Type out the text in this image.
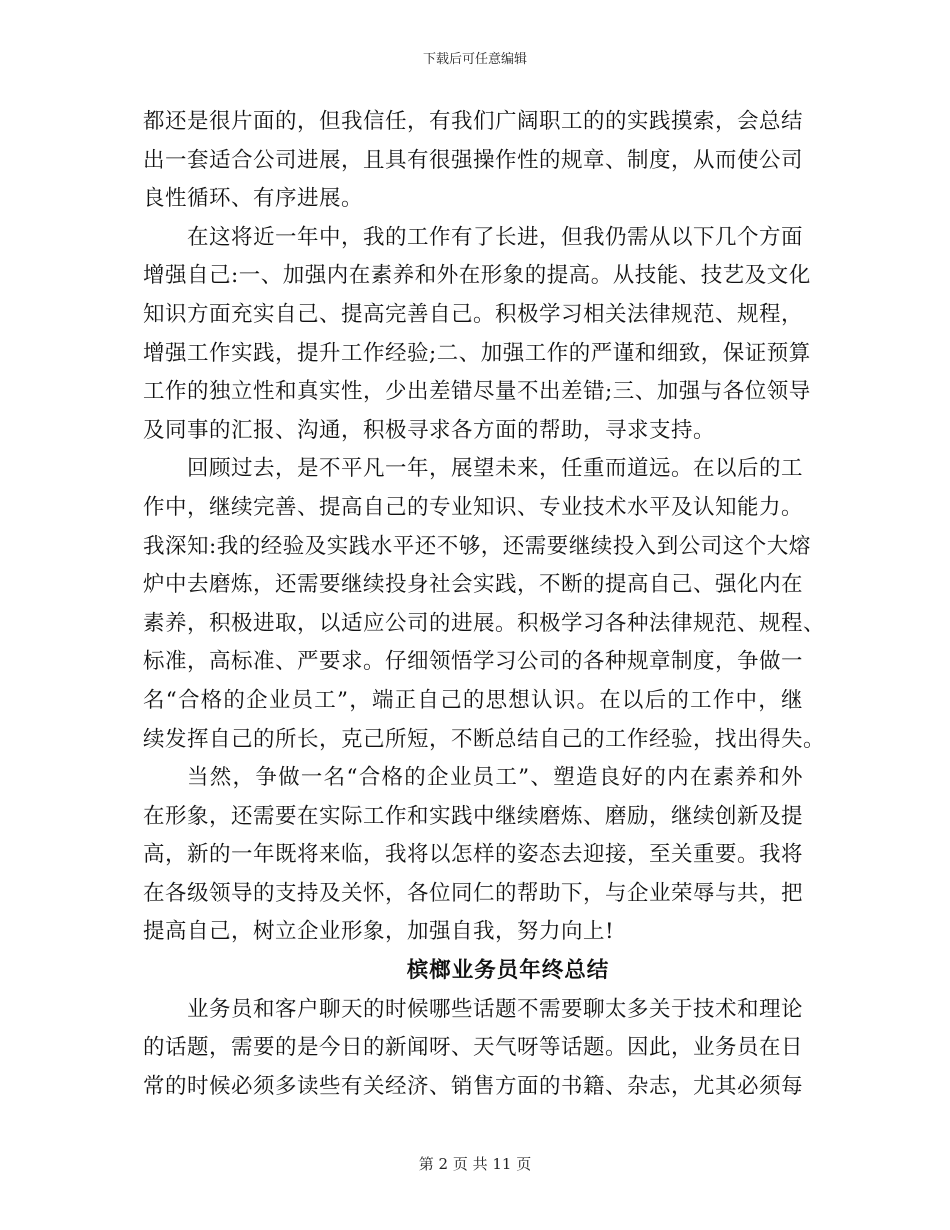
下载后可任意编辑
都还是很片面的，但我信任，有我们广阔职工的的实践摸索，会总结
出一套适合公司进展，且具有很强操作性的规章、制度，从而使公司
良性循环、有序进展。
在这将近一年中，我的工作有了长进，但我仍需从以下几个方面
增强自己:一、加强内在素养和外在形象的提高。从技能、技艺及文化
知识方面充实自己、提高完善自己。积极学习相关法律规范、规程，
增强工作实践，提升工作经验;二、加强工作的严谨和细致，保证预算
工作的独立性和真实性，少出差错尽量不出差错;三、加强与各位领导
及同事的汇报、沟通，积极寻求各方面的帮助，寻求支持。
回顾过去，是不平凡一年，展望未来，任重而道远。在以后的工
作中，继续完善、提高自己的专业知识、专业技术水平及认知能力。
我深知:我的经验及实践水平还不够，还需要继续投入到公司这个大熔
炉中去磨炼，还需要继续投身社会实践，不断的提高自己、强化内在
素养，积极进取，以适应公司的进展。积极学习各种法律规范、规程、
标准，高标准、严要求。仔细领悟学习公司的各种规章制度，争做一
名“合格的企业员工”，端正自己的思想认识。在以后的工作中，继
续发挥自己的所长，克己所短，不断总结自己的工作经验，找出得失。
当然，争做一名“合格的企业员工”、塑造良好的内在素养和外
在形象，还需要在实际工作和实践中继续磨炼、磨励，继续创新及提
高，新的一年既将来临，我将以怎样的姿态去迎接，至关重要。我将
在各级领导的支持及关怀，各位同仁的帮助下，与企业荣辱与共，把
提高自己，树立企业形象，加强自我，努力向上!
槟榔业务员年终总结
业务员和客户聊天的时候哪些话题不需要聊太多关于技术和理论
的话题，需要的是今日的新闻呀、天气呀等话题。因此，业务员在日
常的时候必须多读些有关经济、销售方面的书籍、杂志，尤其必须每
第 2 页 共 11 页
